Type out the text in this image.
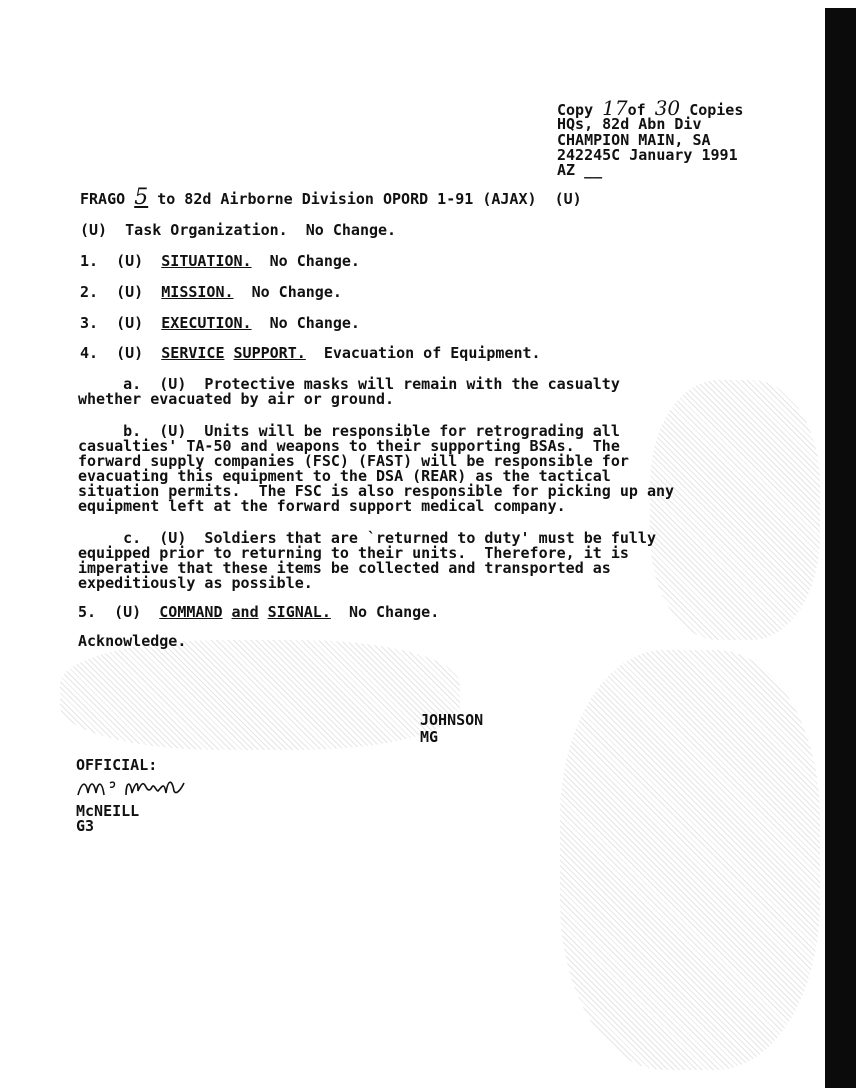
Copy 17of 30 Copies
HQs, 82d Abn Div
CHAMPION MAIN, SA
242245C January 1991
AZ __
FRAGO 5 to 82d Airborne Division OPORD 1-91 (AJAX) (U)
(U)  Task Organization.  No Change.
1. (U) SITUATION. No Change.
2. (U) MISSION. No Change.
3. (U) EXECUTION. No Change.
4. (U) SERVICE SUPPORT. Evacuation of Equipment.
a.  (U)  Protective masks will remain with the casualty
whether evacuated by air or ground.
b.  (U)  Units will be responsible for retrograding all
casualties' TA-50 and weapons to their supporting BSAs.  The
forward supply companies (FSC) (FAST) will be responsible for
evacuating this equipment to the DSA (REAR) as the tactical
situation permits.  The FSC is also responsible for picking up any
equipment left at the forward support medical company.
c.  (U)  Soldiers that are `returned to duty' must be fully
equipped prior to returning to their units.  Therefore, it is
imperative that these items be collected and transported as
expeditiously as possible.
5. (U) COMMAND and SIGNAL. No Change.
Acknowledge.
JOHNSON
MG
OFFICIAL:
McNEILL
G3
